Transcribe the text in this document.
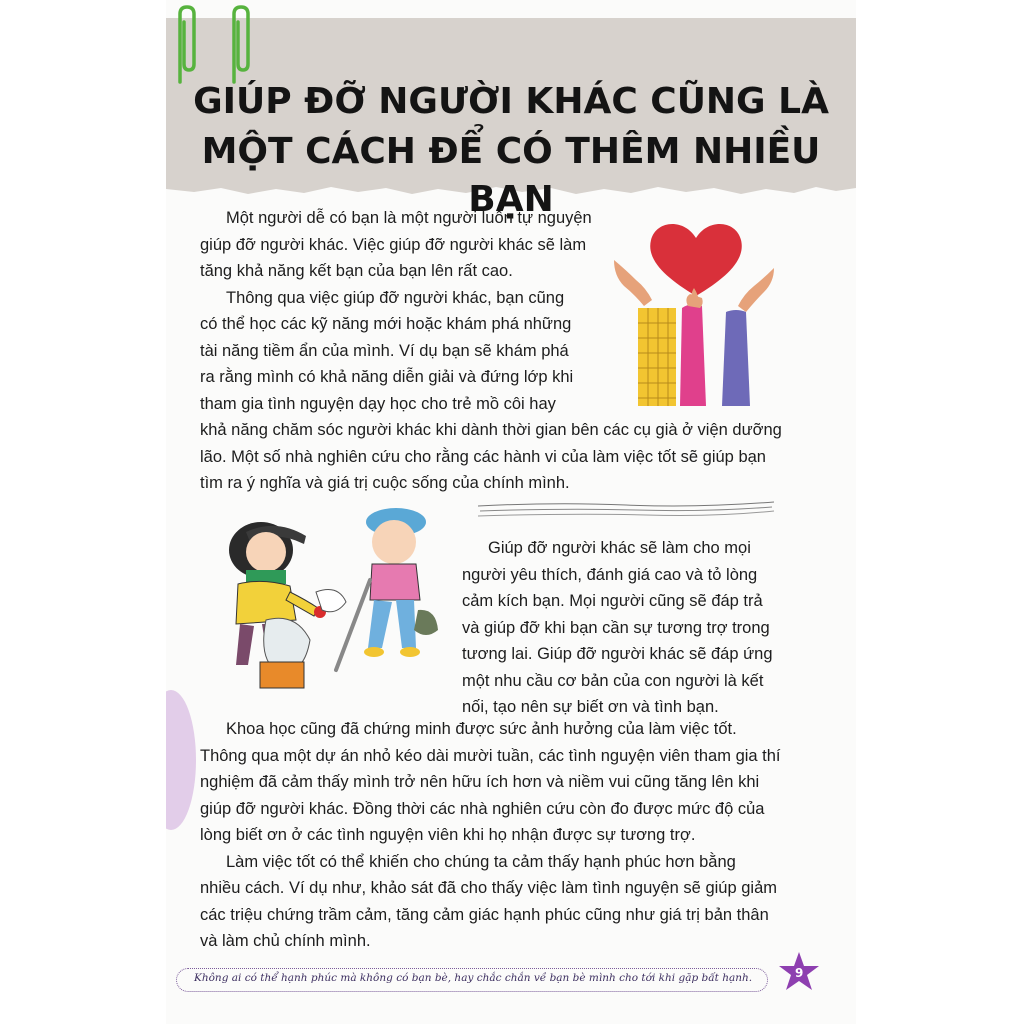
GIÚP ĐỠ NGƯỜI KHÁC CŨNG LÀ
MỘT CÁCH ĐỂ CÓ THÊM NHIỀU BẠN
Một người dễ có bạn là một người luôn tự nguyện
giúp đỡ người khác. Việc giúp đỡ người khác sẽ làm
tăng khả năng kết bạn của bạn lên rất cao.
Thông qua việc giúp đỡ người khác, bạn cũng
có thể học các kỹ năng mới hoặc khám phá những
tài năng tiềm ẩn của mình. Ví dụ bạn sẽ khám phá
ra rằng mình có khả năng diễn giải và đứng lớp khi
tham gia tình nguyện dạy học cho trẻ mồ côi hay
khả năng chăm sóc người khác khi dành thời gian bên các cụ già ở viện dưỡng
lão. Một số nhà nghiên cứu cho rằng các hành vi của làm việc tốt sẽ giúp bạn
tìm ra ý nghĩa và giá trị cuộc sống của chính mình.
Giúp đỡ người khác sẽ làm cho mọi
người yêu thích, đánh giá cao và tỏ lòng
cảm kích bạn. Mọi người cũng sẽ đáp trả
và giúp đỡ khi bạn cần sự tương trợ trong
tương lai. Giúp đỡ người khác sẽ đáp ứng
một nhu cầu cơ bản của con người là kết
nối, tạo nên sự biết ơn và tình bạn.
Khoa học cũng đã chứng minh được sức ảnh hưởng của làm việc tốt.
Thông qua một dự án nhỏ kéo dài mười tuần, các tình nguyện viên tham gia thí
nghiệm đã cảm thấy mình trở nên hữu ích hơn và niềm vui cũng tăng lên khi
giúp đỡ người khác. Đồng thời các nhà nghiên cứu còn đo được mức độ của
lòng biết ơn ở các tình nguyện viên khi họ nhận được sự tương trợ.
Làm việc tốt có thể khiến cho chúng ta cảm thấy hạnh phúc hơn bằng
nhiều cách. Ví dụ như, khảo sát đã cho thấy việc làm tình nguyện sẽ giúp giảm
các triệu chứng trầm cảm, tăng cảm giác hạnh phúc cũng như giá trị bản thân
và làm chủ chính mình.
Không ai có thể hạnh phúc mà không có bạn bè, hay chắc chắn về bạn bè mình cho tới khi gặp bất hạnh.	9
